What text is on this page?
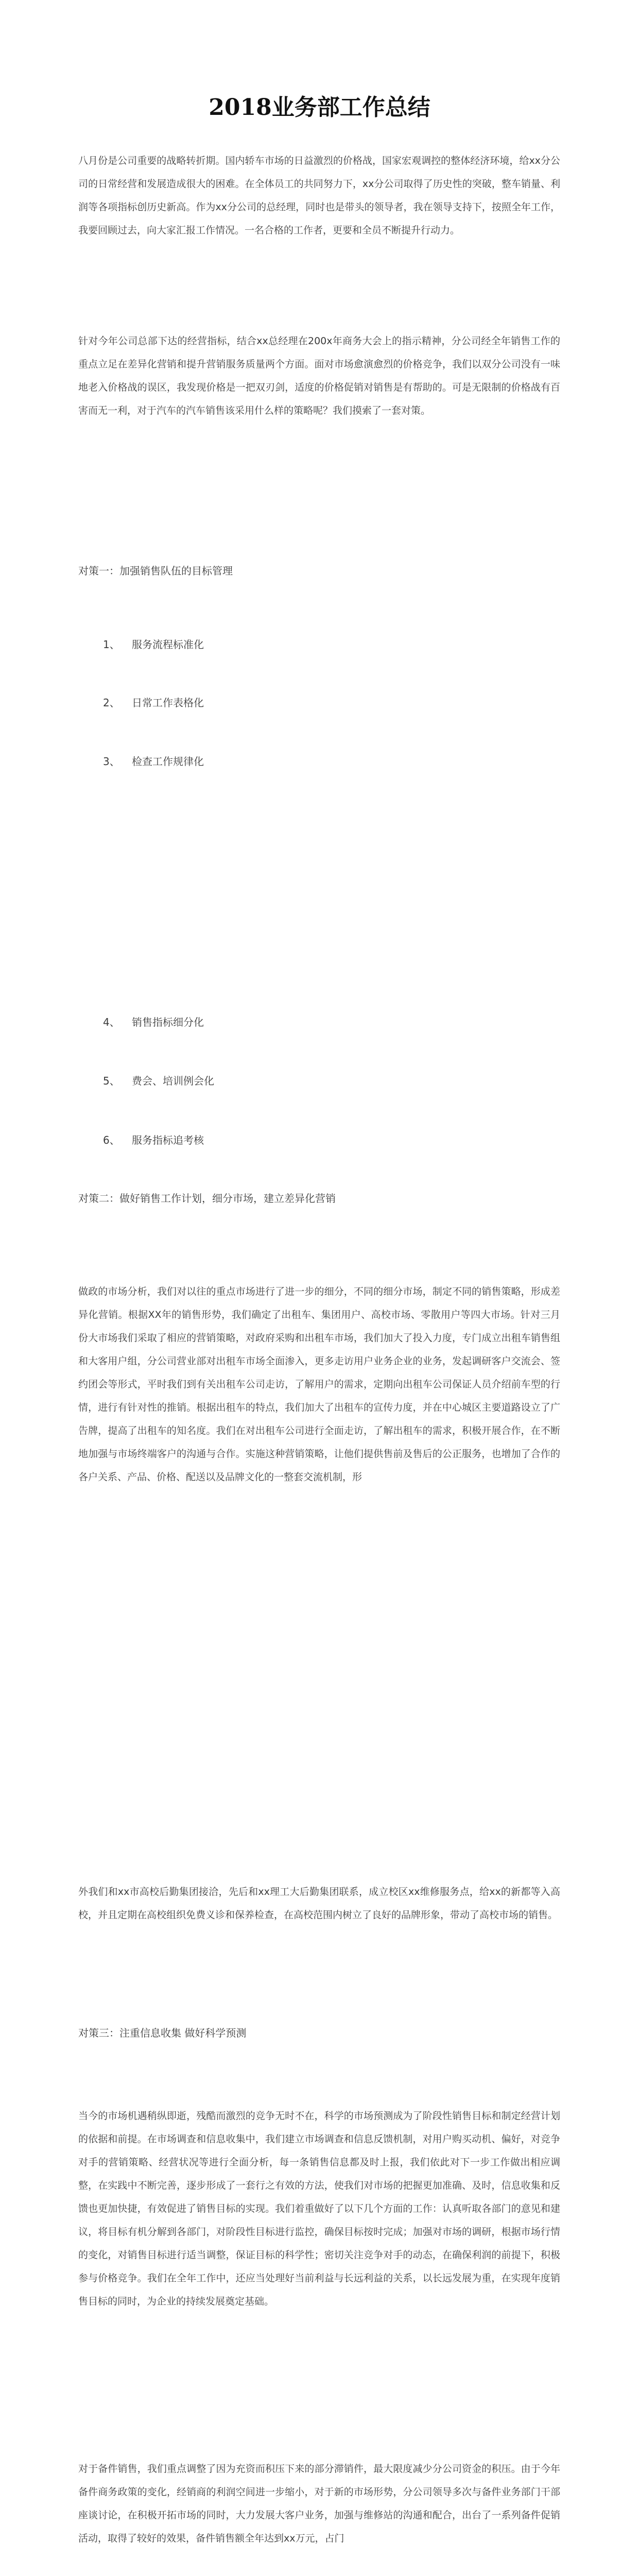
2018业务部工作总结

八月份是公司重要的战略转折期。国内轿车市场的日益激烈的价格战，国家宏观调控的整体经济环境，给xx分公司的日常经营和发展造成很大的困难。在全体员工的共同努力下，xx分公司取得了历史性的突破，整车销量、利润等各项指标创历史新高。作为xx分公司的总经理，同时也是带头的领导者，我在领导支持下，按照全年工作，我要回顾过去，向大家汇报工作情况。一名合格的工作者，更要和全员不断提升行动力。

针对今年公司总部下达的经营指标，结合xx总经理在200x年商务大会上的指示精神，分公司经全年销售工作的重点立足在差异化营销和提升营销服务质量两个方面。面对市场愈演愈烈的价格竞争，我们以双分公司没有一味地老入价格战的误区，我发现价格是一把双刃剑，适度的价格促销对销售是有帮助的。可是无限制的价格战有百害而无一利，对于汽车的汽车销售该采用什么样的策略呢？我们摸索了一套对策。

对策一：加强销售队伍的目标管理
1、 服务流程标准化
2、 日常工作表格化
3、 检查工作规律化
4、 销售指标细分化
5、 费会、培训例会化
6、 服务指标追考核
对策二：做好销售工作计划，细分市场，建立差异化营销

做政的市场分析，我们对以往的重点市场进行了进一步的细分，不同的细分市场，制定不同的销售策略，形成差异化营销。根据XX年的销售形势，我们确定了出租车、集团用户、高校市场、零散用户等四大市场。针对三月份大市场我们采取了相应的营销策略，对政府采购和出租车市场，我们加大了投入力度，专门成立出租车销售组和大客用户组，分公司营业部对出租车市场全面渗入，更多走访用户业务企业的业务，发起调研客户交流会、签约团会等形式，平时我们到有关出租车公司走访，了解用户的需求，定期向出租车公司保证人员介绍前车型的行情，进行有针对性的推销。根据出租车的特点，我们加大了出租车的宣传力度，并在中心城区主要道路设立了广告牌，提高了出租车的知名度。我们在对出租车公司进行全面走访，了解出租车的需求，积极开展合作，在不断地加强与市场终端客户的沟通与合作。实施这种营销策略，让他们提供售前及售后的公正服务，也增加了合作的各户关系、产品、价格、配送以及品牌文化的一整套交流机制，形

外我们和xx市高校后勤集团接洽，先后和xx理工大后勤集团联系，成立校区xx维修服务点，给xx的新都等入高校，并且定期在高校组织免费义诊和保养检查，在高校范围内树立了良好的品牌形象，带动了高校市场的销售。

对策三：注重信息收集 做好科学预测

当今的市场机遇稍纵即逝，残酷而激烈的竞争无时不在，科学的市场预测成为了阶段性销售目标和制定经营计划的依据和前提。在市场调查和信息收集中，我们建立市场调查和信息反馈机制，对用户购买动机、偏好，对竞争对手的营销策略、经营状况等进行全面分析，每一条销售信息都及时上报，我们依此对下一步工作做出相应调整，在实践中不断完善，逐步形成了一套行之有效的方法，使我们对市场的把握更加准确、及时，信息收集和反馈也更加快捷，有效促进了销售目标的实现。我们着重做好了以下几个方面的工作：认真听取各部门的意见和建议，将目标有机分解到各部门，对阶段性目标进行监控，确保目标按时完成；加强对市场的调研，根据市场行情的变化，对销售目标进行适当调整，保证目标的科学性；密切关注竞争对手的动态，在确保利润的前提下，积极参与价格竞争。我们在全年工作中，还应当处理好当前利益与长远利益的关系，以长远发展为重，在实现年度销售目标的同时，为企业的持续发展奠定基础。

对于备件销售，我们重点调整了因为充资而积压下来的部分滞销件，最大限度减少分公司资金的积压。由于今年备件商务政策的变化，经销商的利润空间进一步缩小，对于新的市场形势，分公司领导多次与备件业务部门干部座谈讨论，在积极开拓市场的同时，大力发展大客户业务，加强与维修站的沟通和配合，出台了一系列备件促销活动，取得了较好的效果，备件销售额全年达到xx万元，占门
